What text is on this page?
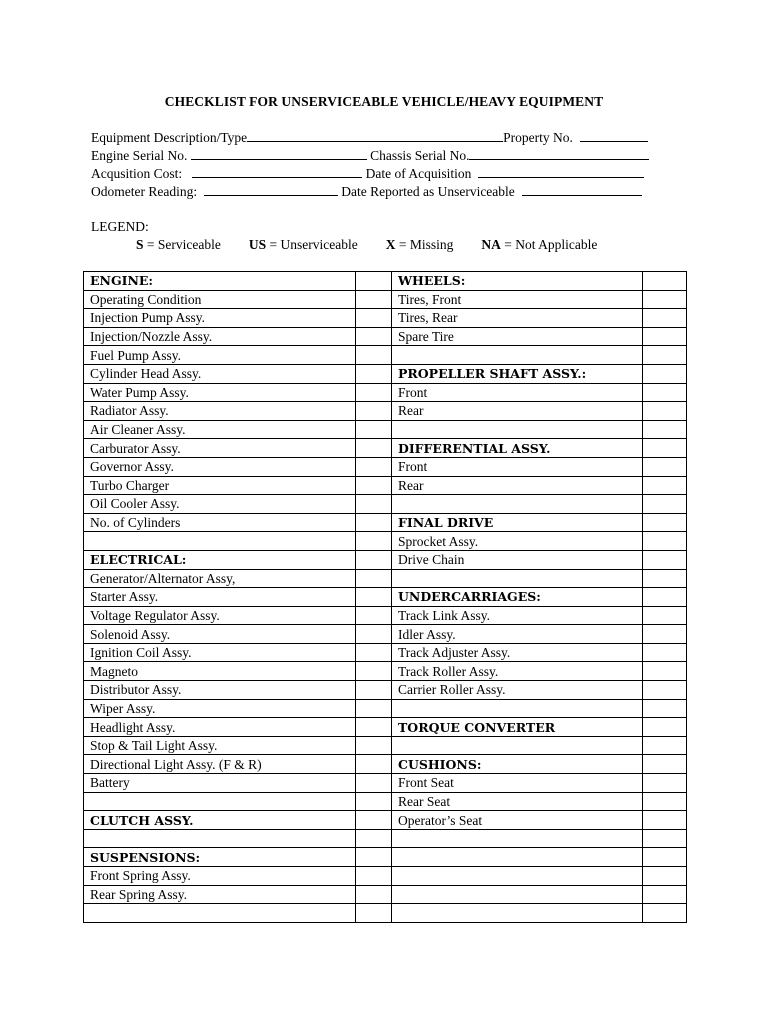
CHECKLIST FOR UNSERVICEABLE VEHICLE/HEAVY EQUIPMENT
Equipment Description/Type	Property No.
Engine Serial No.	Chassis Serial No.
Acqusition Cost:	Date of Acquisition
Odometer Reading:	Date Reported as Unserviceable
LEGEND:
S = Serviceable US = Unserviceable X = Missing NA = Not Applicable
ENGINE:		WHEELS:	
Operating Condition		Tires, Front	
Injection Pump Assy.		Tires, Rear	
Injection/Nozzle Assy.		Spare Tire	
Fuel Pump Assy.			
Cylinder Head Assy.		PROPELLER SHAFT ASSY.:	
Water Pump Assy.		Front	
Radiator Assy.		Rear	
Air Cleaner Assy.			
Carburator Assy.		DIFFERENTIAL ASSY.	
Governor Assy.		Front	
Turbo Charger		Rear	
Oil Cooler Assy.			
No. of Cylinders		FINAL DRIVE	
		Sprocket Assy.	
ELECTRICAL:		Drive Chain	
Generator/Alternator Assy,			
Starter Assy.		UNDERCARRIAGES:	
Voltage Regulator Assy.		Track Link Assy.	
Solenoid Assy.		Idler Assy.	
Ignition Coil Assy.		Track Adjuster Assy.	
Magneto		Track Roller Assy.	
Distributor Assy.		Carrier Roller Assy.	
Wiper Assy.			
Headlight Assy.		TORQUE CONVERTER	
Stop & Tail Light Assy.			
Directional Light Assy. (F & R)		CUSHIONS:	
Battery		Front Seat	
		Rear Seat	
CLUTCH ASSY.		Operator’s Seat	

SUSPENSIONS:			
Front Spring Assy.			
Rear Spring Assy.			
